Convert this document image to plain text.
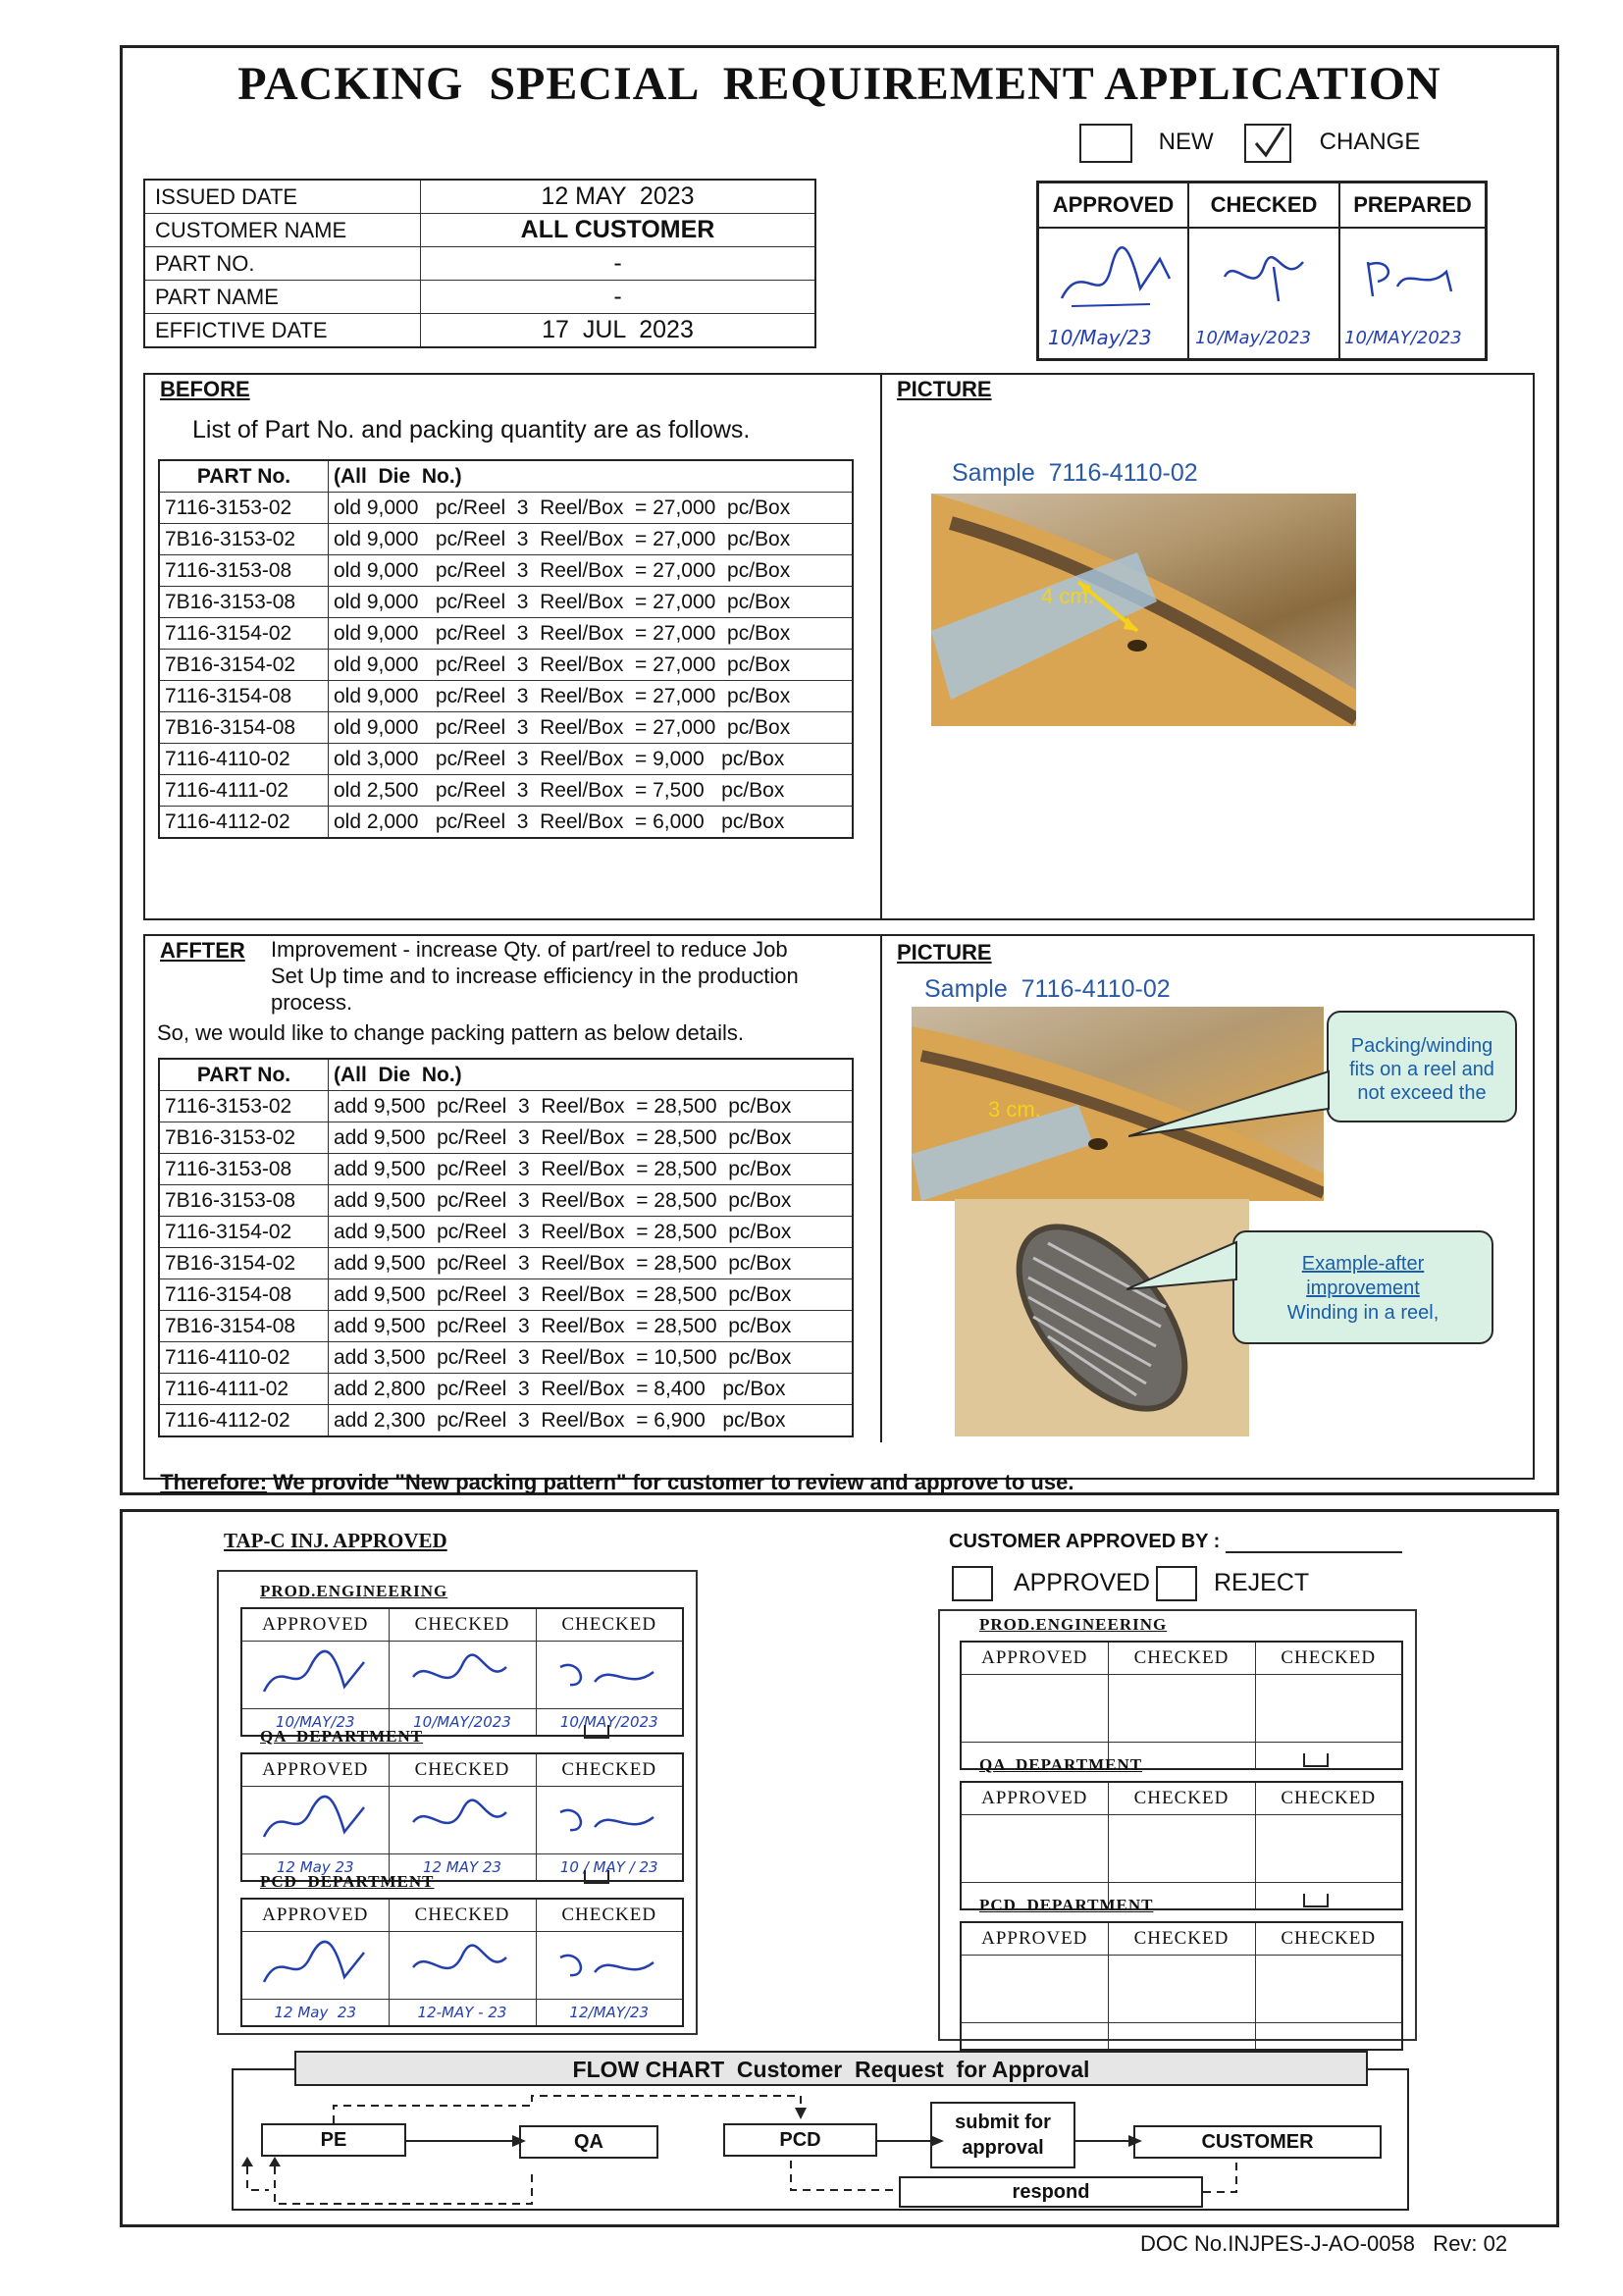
PACKING  SPECIAL  REQUIREMENT APPLICATION
NEW	CHANGE
ISSUED DATE	12 MAY  2023
CUSTOMER NAME	ALL CUSTOMER
PART NO.	-
PART NAME	-
EFFICTIVE DATE	17  JUL  2023
APPROVED	CHECKED	PREPARED
10/May/23 10/May/2023 10/MAY/2023
BEFORE
List of Part No. and packing quantity are as follows.
PART No.	(All  Die  No.)
7116-3153-02	old 9,000   pc/Reel  3  Reel/Box  = 27,000  pc/Box
7B16-3153-02	old 9,000   pc/Reel  3  Reel/Box  = 27,000  pc/Box
7116-3153-08	old 9,000   pc/Reel  3  Reel/Box  = 27,000  pc/Box
7B16-3153-08	old 9,000   pc/Reel  3  Reel/Box  = 27,000  pc/Box
7116-3154-02	old 9,000   pc/Reel  3  Reel/Box  = 27,000  pc/Box
7B16-3154-02	old 9,000   pc/Reel  3  Reel/Box  = 27,000  pc/Box
7116-3154-08	old 9,000   pc/Reel  3  Reel/Box  = 27,000  pc/Box
7B16-3154-08	old 9,000   pc/Reel  3  Reel/Box  = 27,000  pc/Box
7116-4110-02	old 3,000   pc/Reel  3  Reel/Box  = 9,000   pc/Box
7116-4111-02	old 2,500   pc/Reel  3  Reel/Box  = 7,500   pc/Box
7116-4112-02	old 2,000   pc/Reel  3  Reel/Box  = 6,000   pc/Box
PICTURE
Sample  7116-4110-02
4 cm.
AFFTER Improvement - increase Qty. of part/reel to reduce Job
Set Up time and to increase efficiency in the production
process.
So, we would like to change packing pattern as below details.
PART No.	(All  Die  No.)
7116-3153-02	add 9,500  pc/Reel  3  Reel/Box  = 28,500  pc/Box
7B16-3153-02	add 9,500  pc/Reel  3  Reel/Box  = 28,500  pc/Box
7116-3153-08	add 9,500  pc/Reel  3  Reel/Box  = 28,500  pc/Box
7B16-3153-08	add 9,500  pc/Reel  3  Reel/Box  = 28,500  pc/Box
7116-3154-02	add 9,500  pc/Reel  3  Reel/Box  = 28,500  pc/Box
7B16-3154-02	add 9,500  pc/Reel  3  Reel/Box  = 28,500  pc/Box
7116-3154-08	add 9,500  pc/Reel  3  Reel/Box  = 28,500  pc/Box
7B16-3154-08	add 9,500  pc/Reel  3  Reel/Box  = 28,500  pc/Box
7116-4110-02	add 3,500  pc/Reel  3  Reel/Box  = 10,500  pc/Box
7116-4111-02	add 2,800  pc/Reel  3  Reel/Box  = 8,400   pc/Box
7116-4112-02	add 2,300  pc/Reel  3  Reel/Box  = 6,900   pc/Box
PICTURE
Sample  7116-4110-02
3 cm.
Packing/winding
fits on a reel and
not exceed the
Example-after
improvement
Winding in a reel,

Therefore: We provide "New packing pattern" for customer to review and approve to use.

TAP-C INJ. APPROVED
PROD.ENGINEERING
APPROVED	CHECKED	CHECKED

10/MAY/23	10/MAY/2023	10/MAY/2023
QA  DEPARTMENT
APPROVED	CHECKED	CHECKED

12 May 23	12 MAY 23	10 / MAY / 23
PCD  DEPARTMENT
APPROVED	CHECKED	CHECKED

12 May  23	12-MAY - 23	12/MAY/23
CUSTOMER APPROVED BY :
APPROVED	REJECT
PROD.ENGINEERING
APPROVED	CHECKED	CHECKED

QA  DEPARTMENT
APPROVED	CHECKED	CHECKED

PCD  DEPARTMENT
APPROVED	CHECKED	CHECKED

FLOW CHART  Customer  Request  for Approval
PE	QA	PCD
submit for
approval	CUSTOMER
respond
DOC No.INJPES-J-AO-0058   Rev: 02
